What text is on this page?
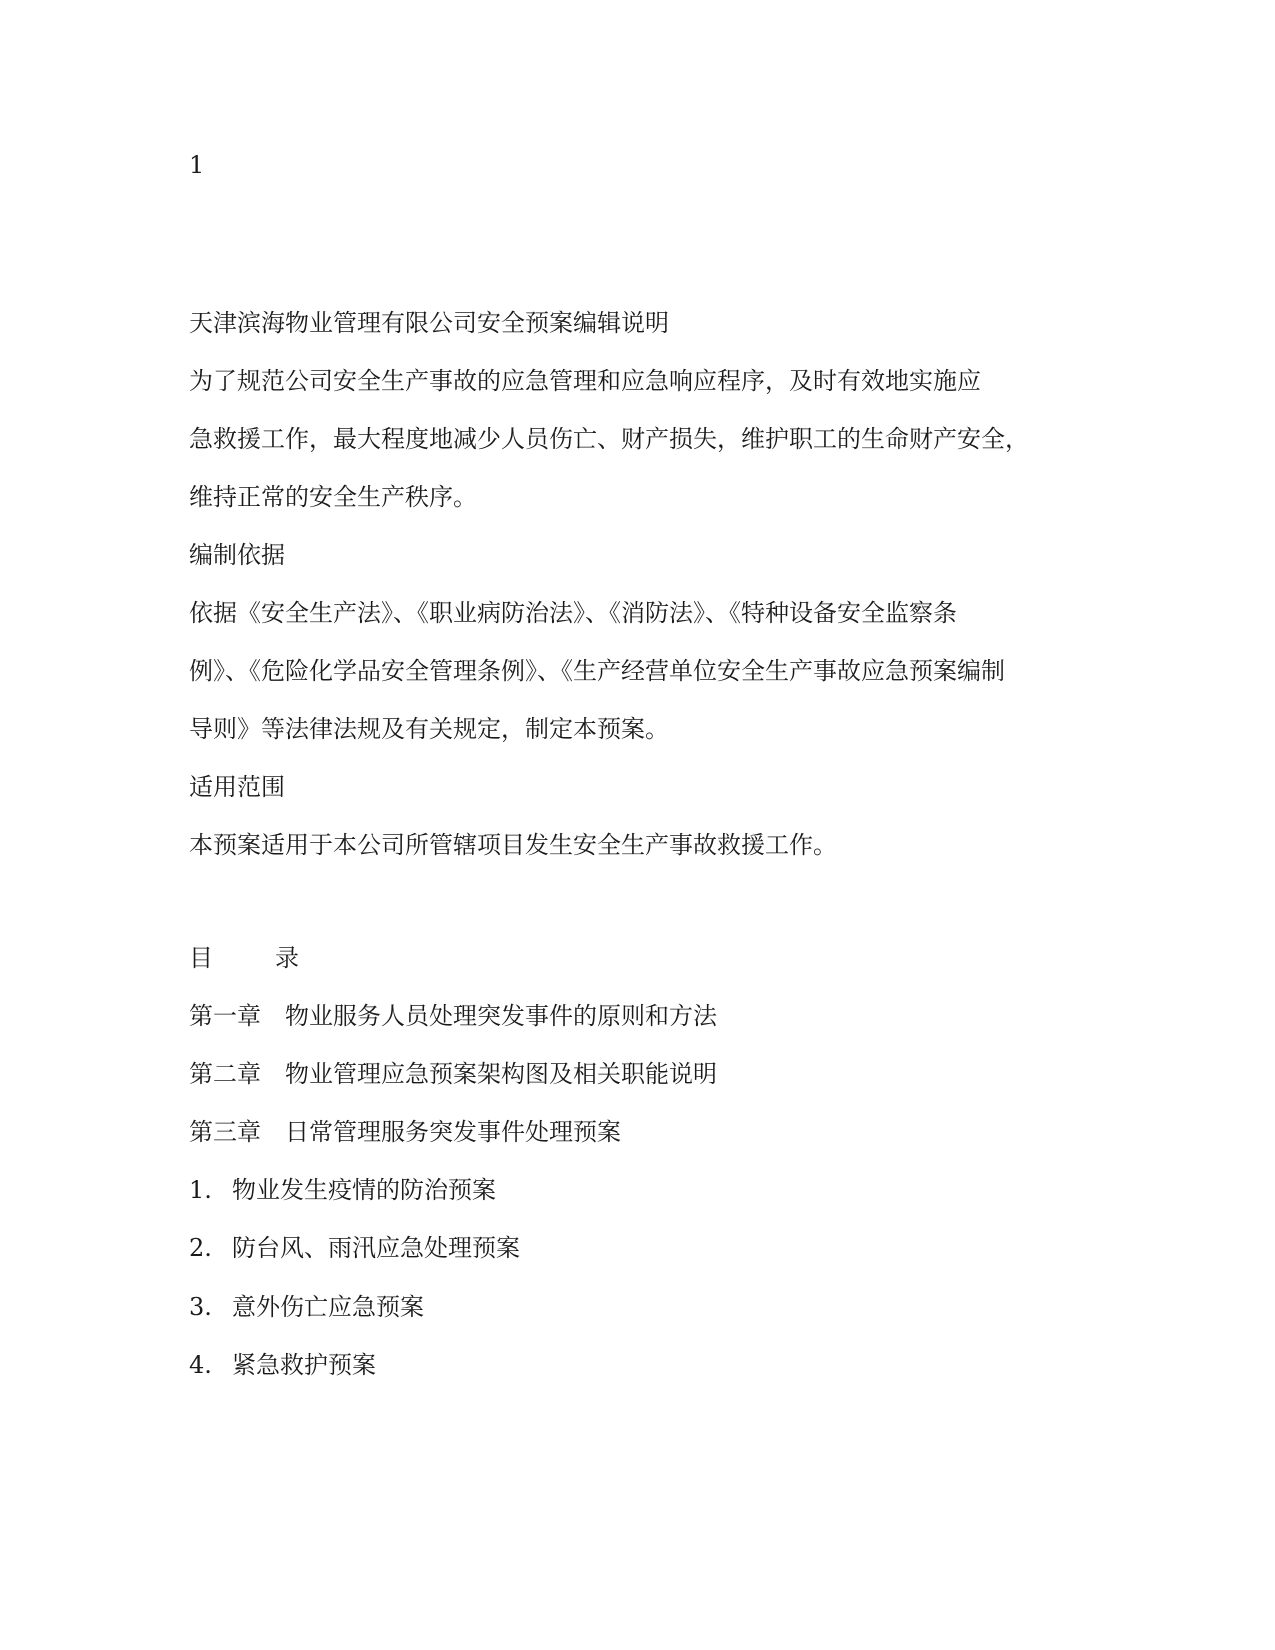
1
天津滨海物业管理有限公司安全预案编辑说明
为了规范公司安全生产事故的应急管理和应急响应程序，及时有效地实施应
急救援工作，最大程度地减少人员伤亡、财产损失，维护职工的生命财产安全，
维持正常的安全生产秩序。
编制依据
依据《安全生产法》、《职业病防治法》、《消防法》、《特种设备安全监察条
例》、《危险化学品安全管理条例》、《生产经营单位安全生产事故应急预案编制
导则》等法律法规及有关规定，制定本预案。
适用范围
本预案适用于本公司所管辖项目发生安全生产事故救援工作。
目	录
第一章 物业服务人员处理突发事件的原则和方法
第二章 物业管理应急预案架构图及相关职能说明
第三章 日常管理服务突发事件处理预案
1. 物业发生疫情的防治预案
2. 防台风、雨汛应急处理预案
3. 意外伤亡应急预案
4. 紧急救护预案
